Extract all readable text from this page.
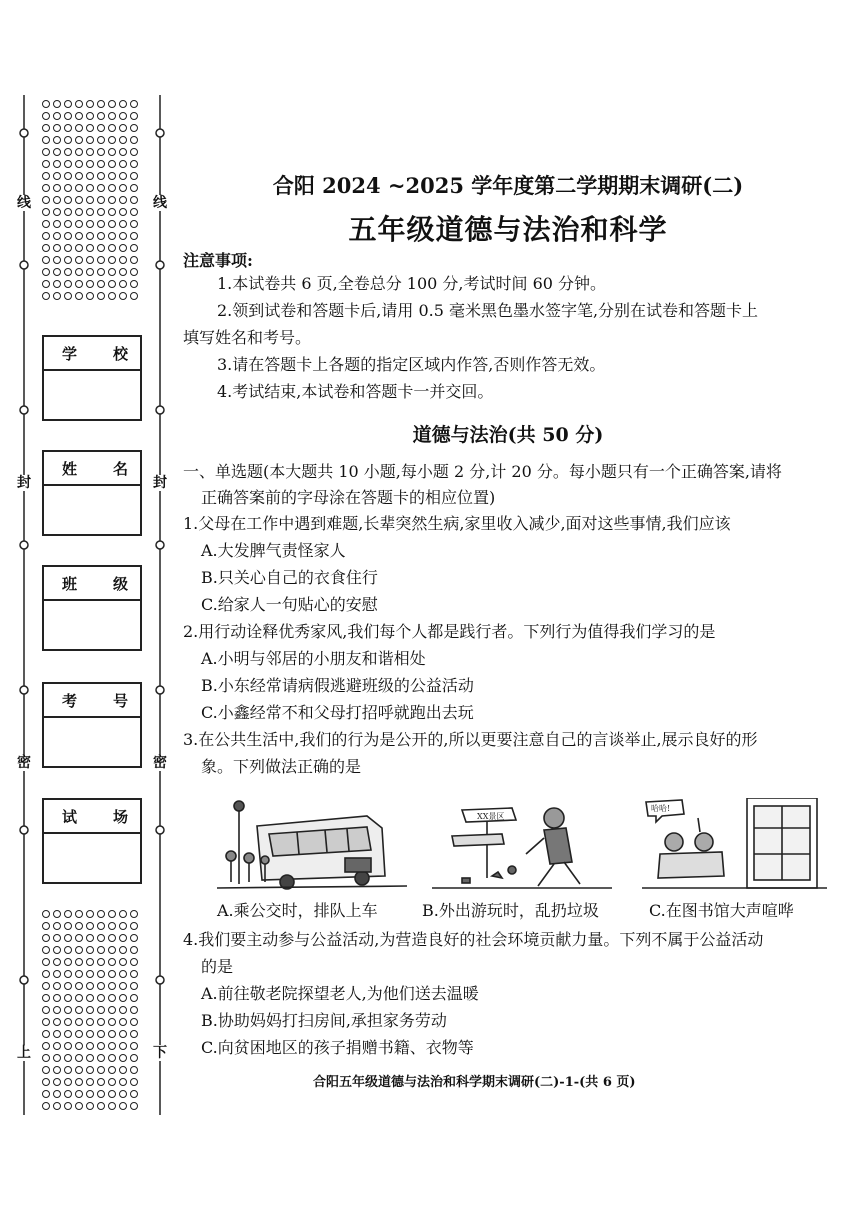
线
封
密
上
线
封
密
下
学 校
姓 名
班 级
考 号
试 场
合阳 2024 ~2025 学年度第二学期期末调研(二)
五年级道德与法治和科学
注意事项:
1.本试卷共 6 页,全卷总分 100 分,考试时间 60 分钟。
2.领到试卷和答题卡后,请用 0.5 毫米黑色墨水签字笔,分别在试卷和答题卡上
填写姓名和考号。
3.请在答题卡上各题的指定区域内作答,否则作答无效。
4.考试结束,本试卷和答题卡一并交回。
道德与法治(共 50 分)
一、单选题(本大题共 10 小题,每小题 2 分,计 20 分。每小题只有一个正确答案,请将
正确答案前的字母涂在答题卡的相应位置)
1.父母在工作中遇到难题,长辈突然生病,家里收入减少,面对这些事情,我们应该
A.大发脾气责怪家人
B.只关心自己的衣食住行
C.给家人一句贴心的安慰
2.用行动诠释优秀家风,我们每个人都是践行者。下列行为值得我们学习的是
A.小明与邻居的小朋友和谐相处
B.小东经常请病假逃避班级的公益活动
C.小鑫经常不和父母打招呼就跑出去玩
3.在公共生活中,我们的行为是公开的,所以更要注意自己的言谈举止,展示良好的形
象。下列做法正确的是
XX景区
哈哈!
A.乘公交时，排队上车	B.外出游玩时，乱扔垃圾	C.在图书馆大声喧哗
4.我们要主动参与公益活动,为营造良好的社会环境贡献力量。下列不属于公益活动
的是
A.前往敬老院探望老人,为他们送去温暖
B.协助妈妈打扫房间,承担家务劳动
C.向贫困地区的孩子捐赠书籍、衣物等
合阳五年级道德与法治和科学期末调研(二)-1-(共 6 页)
